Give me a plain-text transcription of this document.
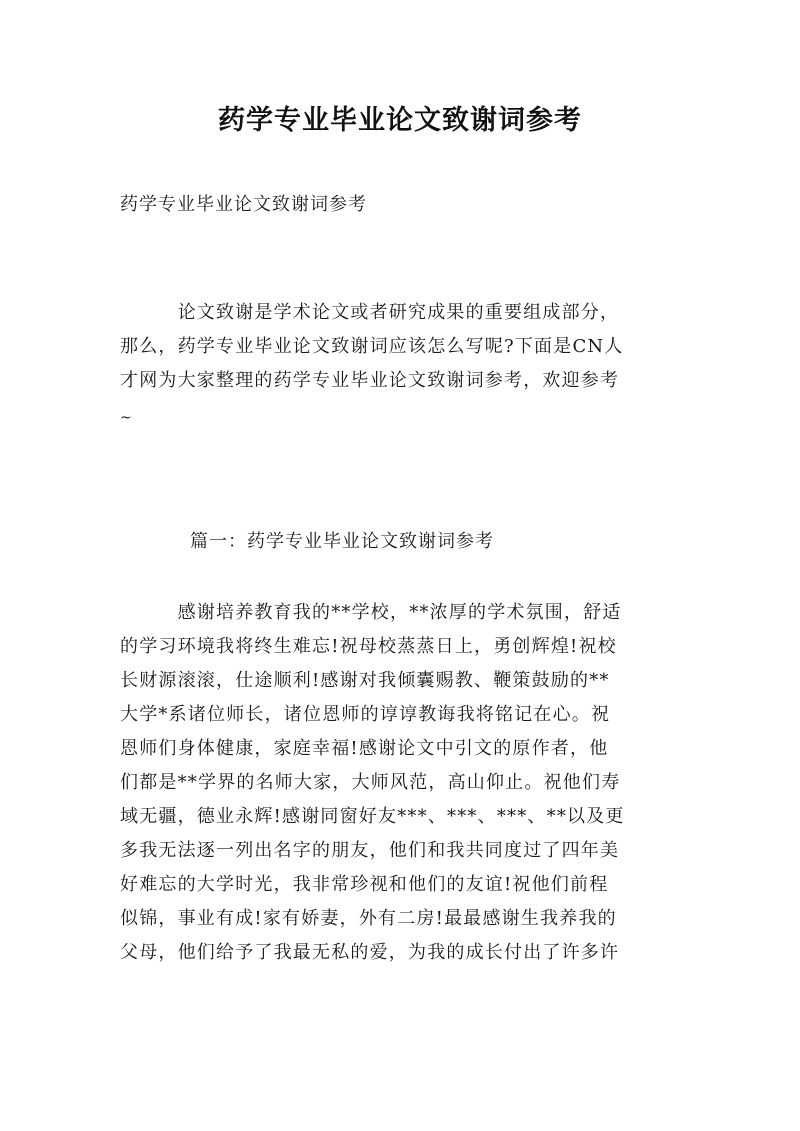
药学专业毕业论文致谢词参考
药学专业毕业论文致谢词参考
　　　论文致谢是学术论文或者研究成果的重要组成部分，
那么，药学专业毕业论文致谢词应该怎么写呢?下面是CN人
才网为大家整理的药学专业毕业论文致谢词参考，欢迎参考
~
篇一：药学专业毕业论文致谢词参考
　　　感谢培养教育我的**学校，**浓厚的学术氛围，舒适
的学习环境我将终生难忘!祝母校蒸蒸日上，勇创辉煌!祝校
长财源滚滚，仕途顺利!感谢对我倾囊赐教、鞭策鼓励的**
大学*系诸位师长，诸位恩师的谆谆教诲我将铭记在心。祝
恩师们身体健康，家庭幸福!感谢论文中引文的原作者，他
们都是**学界的名师大家，大师风范，高山仰止。祝他们寿
域无疆，德业永辉!感谢同窗好友***、***、***、**以及更
多我无法逐一列出名字的朋友，他们和我共同度过了四年美
好难忘的大学时光，我非常珍视和他们的友谊!祝他们前程
似锦，事业有成!家有娇妻，外有二房!最最感谢生我养我的
父母，他们给予了我最无私的爱，为我的成长付出了许多许
